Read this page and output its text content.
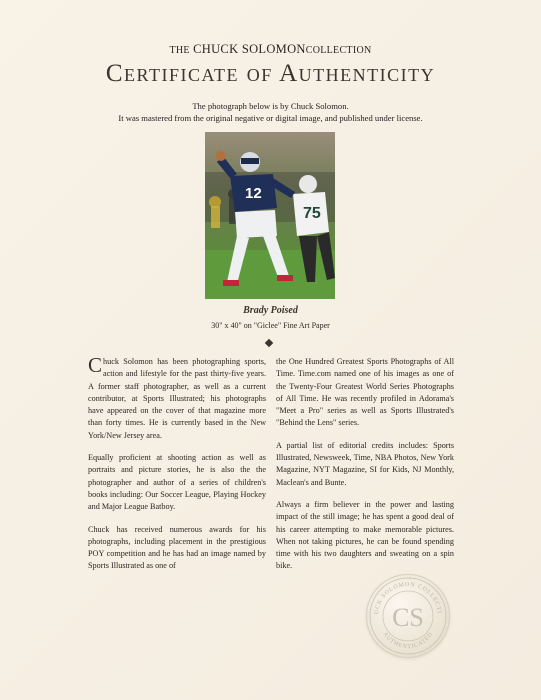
THE CHUCK SOLOMONCOLLECTION
Certificate of Authenticity
The photograph below is by Chuck Solomon.
It was mastered from the original negative or digital image, and published under license.
75
12
Brady Poised
30" x 40" on "Giclee" Fine Art Paper

Chuck Solomon has been photographing sports, action and lifestyle for the past thirty-five years. A former staff photographer, as well as a current contributor, at Sports Illustrated; his photographs have appeared on the cover of that magazine more than forty times. He is currently based in the New York/New Jersey area.

Equally proficient at shooting action as well as portraits and picture stories, he is also the the photographer and author of a series of children's books including: Our Soccer League, Playing Hockey and Major League Batboy.

Chuck has received numerous awards for his photographs, including placement in the prestigious POY competition and he has had an image named by Sports Illustrated as one of

the One Hundred Greatest Sports Photographs of All Time. Time.com named one of his images as one of the Twenty-Four Greatest World Series Photographs of All Time. He was recently profiled in Adorama's "Meet a Pro" series as well as Sports Illustrated's "Behind the Lens" series.

A partial list of editorial credits includes: Sports Illustrated, Newsweek, Time, NBA Photos, New York Magazine, NYT Magazine, SI for Kids, NJ Monthly, Maclean's and Bunte.

Always a firm believer in the power and lasting impact of the still image; he has spent a good deal of his career attempting to make memorable pictures. When not taking pictures, he can be found spending time with his two daughters and sweating on a spin bike.

UCK SOLOMON COLLECTI
AUTHENTICATED
CS
